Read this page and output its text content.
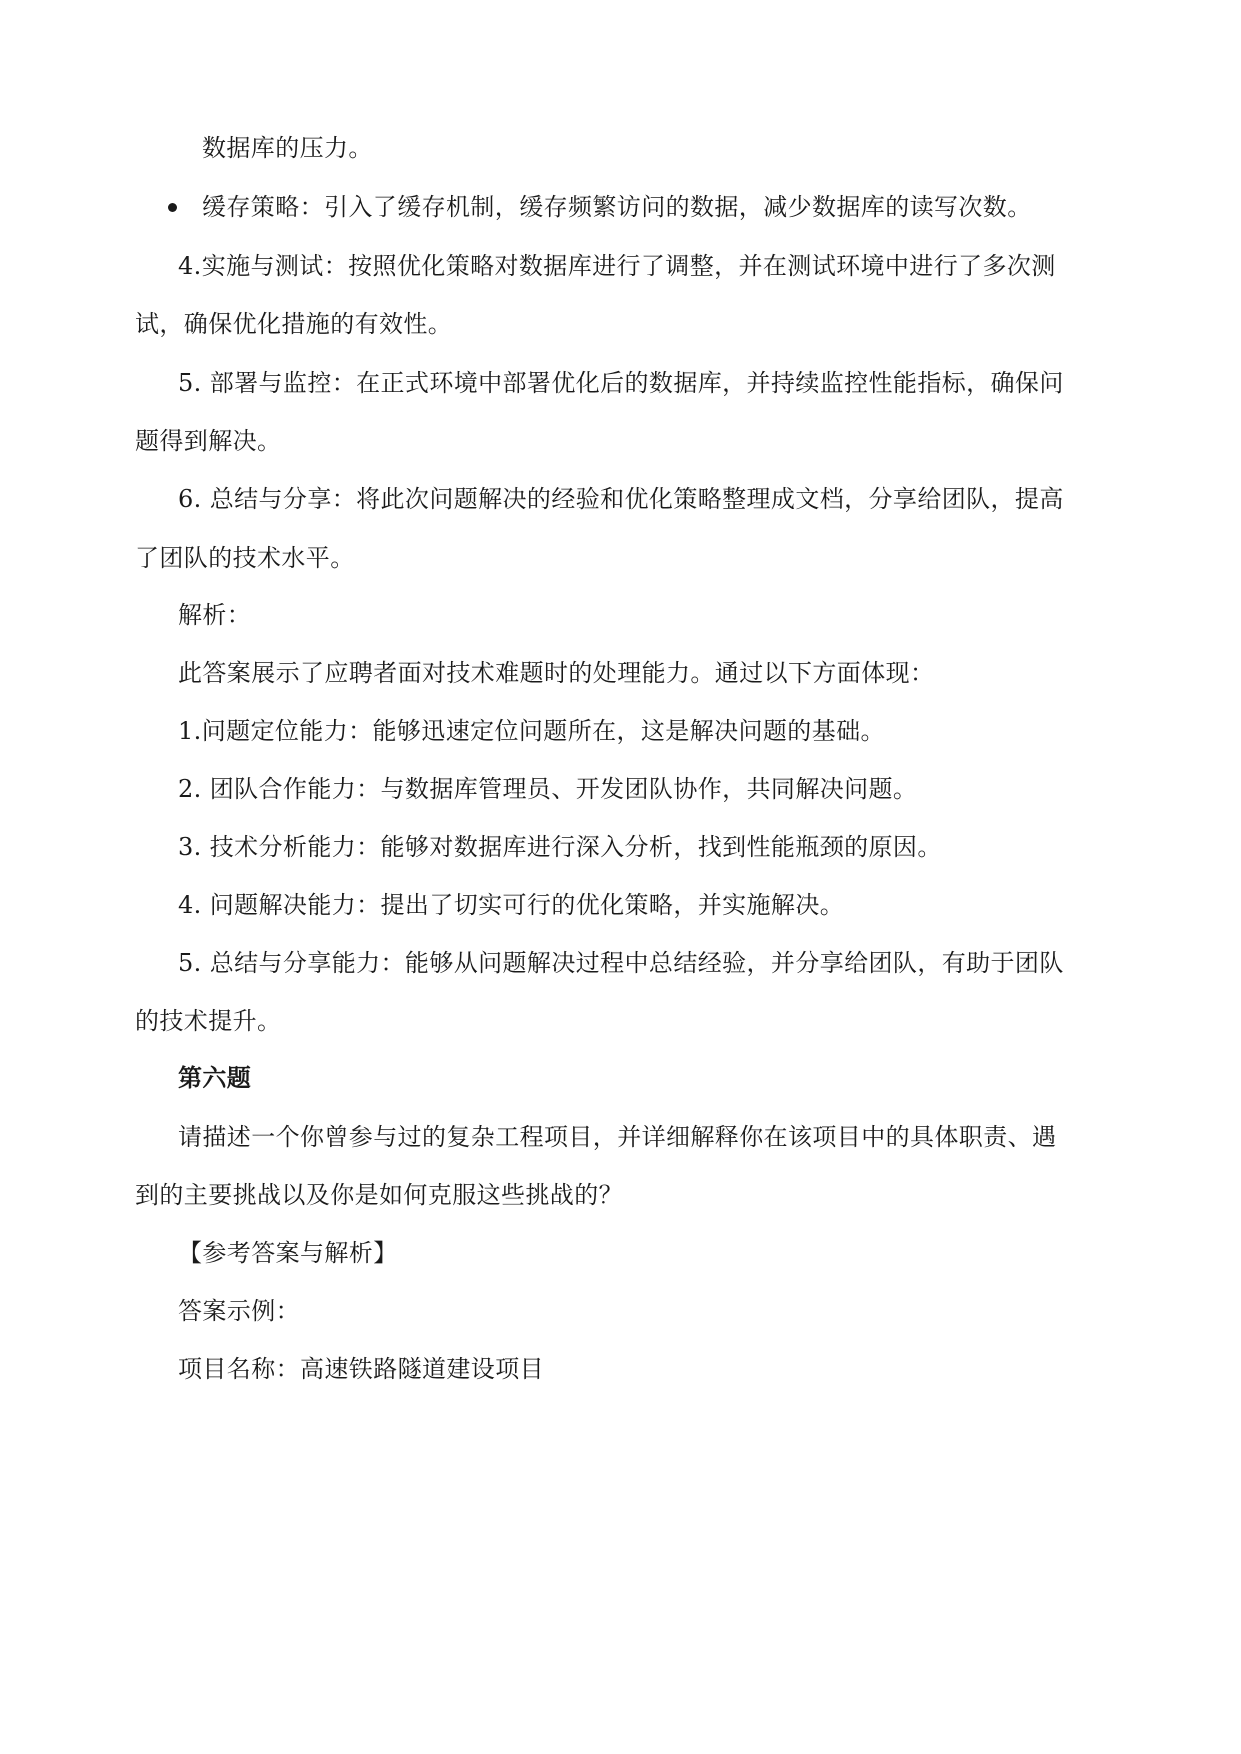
数据库的压力。
缓存策略：引入了缓存机制，缓存频繁访问的数据，减少数据库的读写次数。
4.实施与测试：按照优化策略对数据库进行了调整，并在测试环境中进行了多次测
试，确保优化措施的有效性。
5. 部署与监控：在正式环境中部署优化后的数据库，并持续监控性能指标，确保问
题得到解决。
6. 总结与分享：将此次问题解决的经验和优化策略整理成文档，分享给团队，提高
了团队的技术水平。
解析：
此答案展示了应聘者面对技术难题时的处理能力。通过以下方面体现：
1.问题定位能力：能够迅速定位问题所在，这是解决问题的基础。
2. 团队合作能力：与数据库管理员、开发团队协作，共同解决问题。
3. 技术分析能力：能够对数据库进行深入分析，找到性能瓶颈的原因。
4. 问题解决能力：提出了切实可行的优化策略，并实施解决。
5. 总结与分享能力：能够从问题解决过程中总结经验，并分享给团队，有助于团队
的技术提升。
第六题
请描述一个你曾参与过的复杂工程项目，并详细解释你在该项目中的具体职责、遇
到的主要挑战以及你是如何克服这些挑战的？
【参考答案与解析】
答案示例：
项目名称：高速铁路隧道建设项目
